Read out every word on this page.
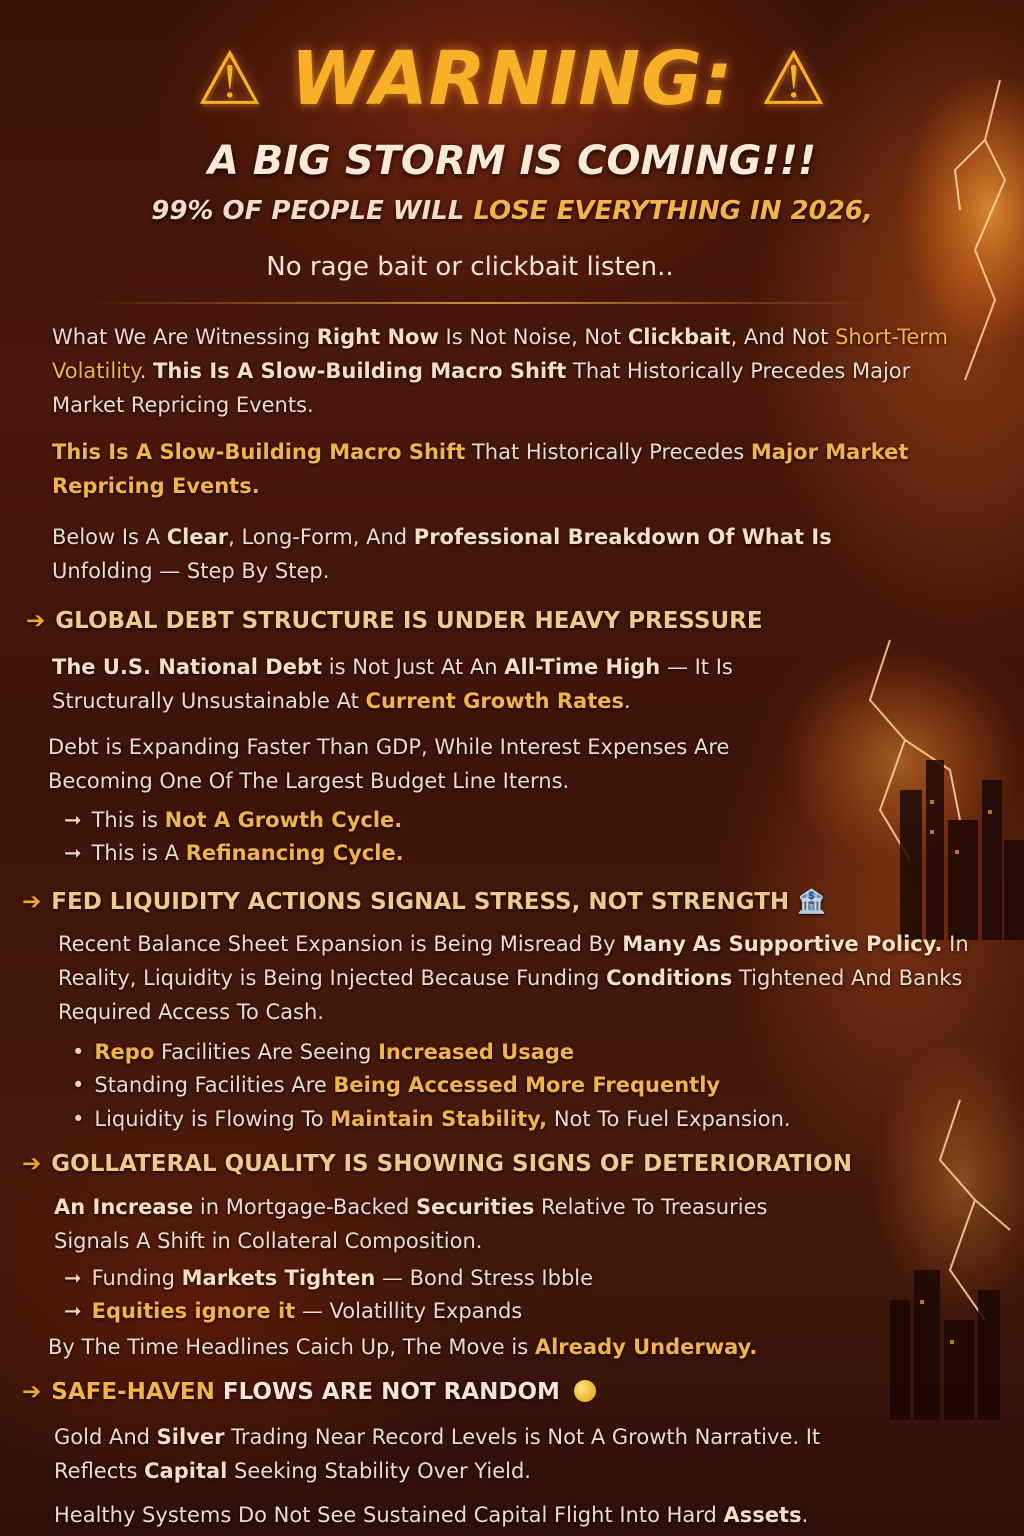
⚠ WARNING: ⚠
A BIG STORM IS COMING!!!
99% OF PEOPLE WILL LOSE EVERYTHING IN 2026,
No rage bait or clickbait listen..
What We Are Witnessing Right Now Is Not Noise, Not Clickbait, And Not Short-Term Volatility. This Is A Slow-Building Macro Shift That Historically Precedes Major Market Repricing Events.
This Is A Slow-Building Macro Shift That Historically Precedes Major Market Repricing Events.
Below Is A Clear, Long-Form, And Professional Breakdown Of What Is Unfolding — Step By Step.
➔ GLOBAL DEBT STRUCTURE IS UNDER HEAVY PRESSURE
The U.S. National Debt is Not Just At An All-Time High — It Is Structurally Unsustainable At Current Growth Rates.
Debt is Expanding Faster Than GDP, While Interest Expenses Are Becoming One Of The Largest Budget Line Iterns.
➞ This is Not A Growth Cycle.
➞ This is A Refinancing Cycle.
➔ FED LIQUIDITY ACTIONS SIGNAL STRESS, NOT STRENGTH 🏦
Recent Balance Sheet Expansion is Being Misread By Many As Supportive Policy. In Reality, Liquidity is Being Injected Because Funding Conditions Tightened And Banks Required Access To Cash.
• Repo Facilities Are Seeing Increased Usage
• Standing Facilities Are Being Accessed More Frequently
• Liquidity is Flowing To Maintain Stability, Not To Fuel Expansion.
➔ GOLLATERAL QUALITY IS SHOWING SIGNS OF DETERIORATION
An Increase in Mortgage-Backed Securities Relative To Treasuries Signals A Shift in Collateral Composition.
➞ Funding Markets Tighten — Bond Stress Ibble
➞ Equities ignore it — Volatillity Expands
By The Time Headlines Caich Up, The Move is Already Underway.
➔ SAFE-HAVEN FLOWS ARE NOT RANDOM
Gold And Silver Trading Near Record Levels is Not A Growth Narrative. It Reflects Capital Seeking Stability Over Yield.
Healthy Systems Do Not See Sustained Capital Flight Into Hard Assets.
